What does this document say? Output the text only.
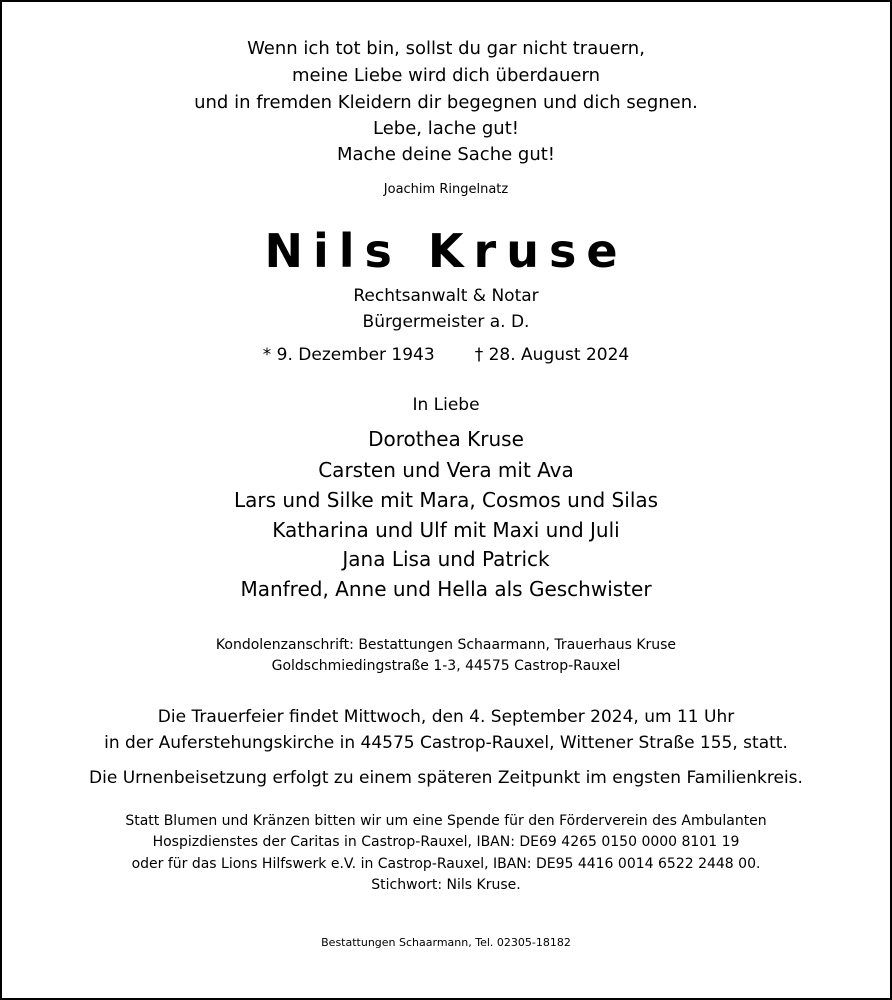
Wenn ich tot bin, sollst du gar nicht trauern,
meine Liebe wird dich überdauern
und in fremden Kleidern dir begegnen und dich segnen.
Lebe, lache gut!
Mache deine Sache gut!
Joachim Ringelnatz
Nils Kruse
Rechtsanwalt & Notar
Bürgermeister a. D.
* 9. Dezember 1943 † 28. August 2024
In Liebe
Dorothea Kruse
Carsten und Vera mit Ava
Lars und Silke mit Mara, Cosmos und Silas
Katharina und Ulf mit Maxi und Juli
Jana Lisa und Patrick
Manfred, Anne und Hella als Geschwister
Kondolenzanschrift: Bestattungen Schaarmann, Trauerhaus Kruse
Goldschmiedingstraße 1-3, 44575 Castrop-Rauxel
Die Trauerfeier findet Mittwoch, den 4. September 2024, um 11 Uhr
in der Auferstehungskirche in 44575 Castrop-Rauxel, Wittener Straße 155, statt.
Die Urnenbeisetzung erfolgt zu einem späteren Zeitpunkt im engsten Familienkreis.
Statt Blumen und Kränzen bitten wir um eine Spende für den Förderverein des Ambulanten
Hospizdienstes der Caritas in Castrop-Rauxel, IBAN: DE69 4265 0150 0000 8101 19
oder für das Lions Hilfswerk e.V. in Castrop-Rauxel, IBAN: DE95 4416 0014 6522 2448 00.
Stichwort: Nils Kruse.
Bestattungen Schaarmann, Tel. 02305-18182
